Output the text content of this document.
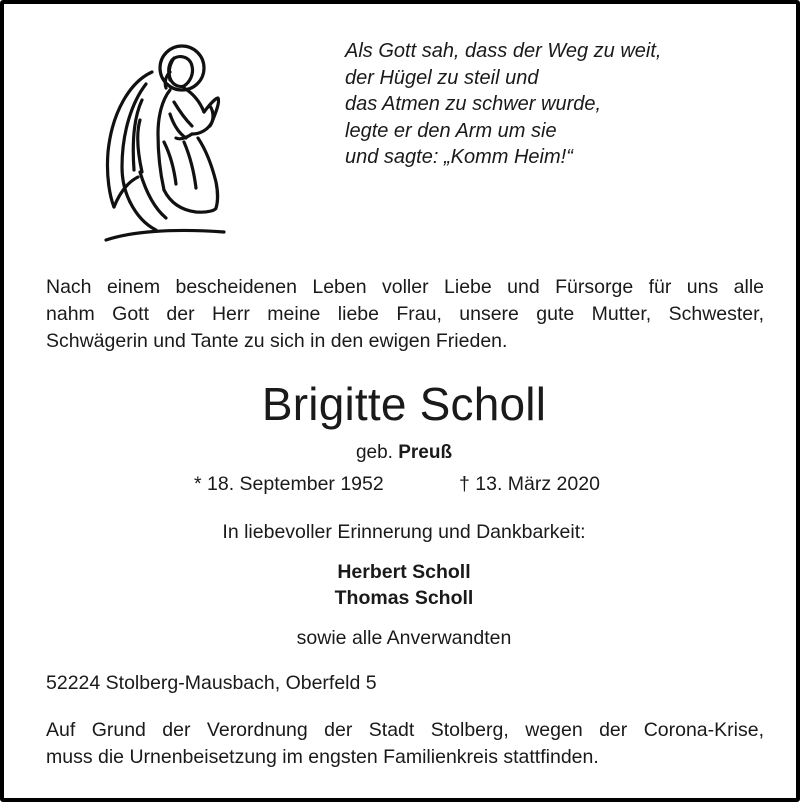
Als Gott sah, dass der Weg zu weit,
der Hügel zu steil und
das Atmen zu schwer wurde,
legte er den Arm um sie
und sagte: „Komm Heim!“
Nach einem bescheidenen Leben voller Liebe und Fürsorge für uns alle
nahm Gott der Herr meine liebe Frau, unsere gute Mutter, Schwester,
Schwägerin und Tante zu sich in den ewigen Frieden.
Brigitte Scholl
geb. Preuß
* 18. September 1952	† 13. März 2020
In liebevoller Erinnerung und Dankbarkeit:
Herbert Scholl
Thomas Scholl
sowie alle Anverwandten
52224 Stolberg-Mausbach, Oberfeld 5
Auf Grund der Verordnung der Stadt Stolberg, wegen der Corona-Krise,
muss die Urnenbeisetzung im engsten Familienkreis stattfinden.
